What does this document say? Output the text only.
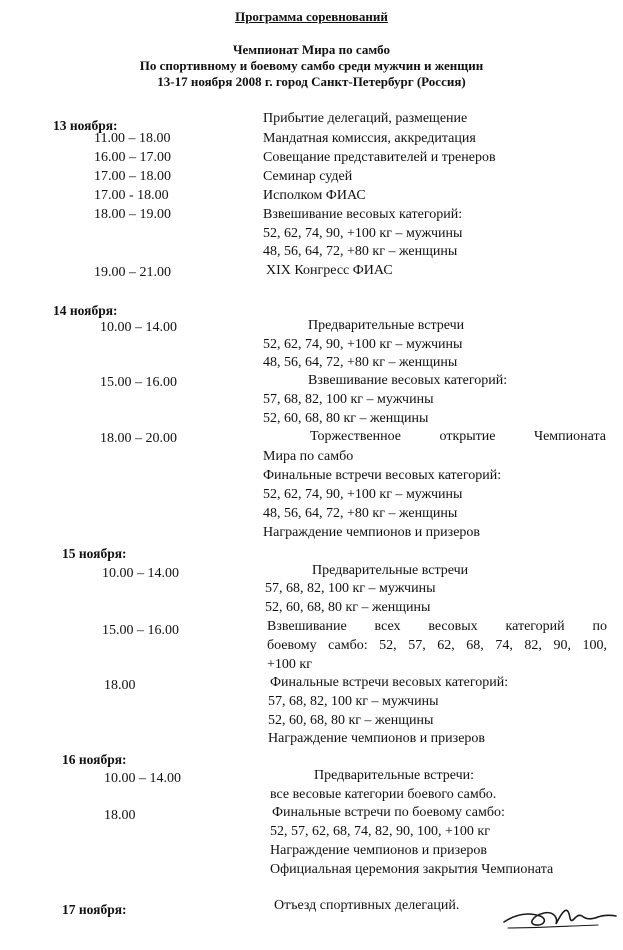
Программа соревнований
Чемпионат Мира по самбо
По спортивному и боевому самбо среди мужчин и женщин
13-17 ноября 2008 г. город Санкт-Петербург (Россия)
13 ноября:	Прибытие делегаций, размещение
11.00 – 18.00	Мандатная комиссия, аккредитация
16.00 – 17.00	Совещание представителей и тренеров
17.00 – 18.00	Семинар судей
17.00 - 18.00	Исполком ФИАС
18.00 – 19.00	Взвешивание весовых категорий:
52, 62, 74, 90, +100 кг – мужчины
48, 56, 64, 72, +80 кг – женщины
19.00 – 21.00	XIX Конгресс ФИАС
14 ноября:
10.00 – 14.00	Предварительные встречи
52, 62, 74, 90, +100 кг – мужчины
48, 56, 64, 72, +80 кг – женщины
15.00 – 16.00	Взвешивание весовых категорий:
57, 68, 82, 100 кг – мужчины
52, 60, 68, 80 кг – женщины
18.00 – 20.00	Торжественное открытие Чемпионата
Мира по самбо
Финальные встречи весовых категорий:
52, 62, 74, 90, +100 кг – мужчины
48, 56, 64, 72, +80 кг – женщины
Награждение чемпионов и призеров
15 ноября:
10.00 – 14.00	Предварительные встречи
57, 68, 82, 100 кг – мужчины
52, 60, 68, 80 кг – женщины
15.00 – 16.00	Взвешивание всех весовых категорий по
боевому самбо: 52, 57, 62, 68, 74, 82, 90, 100,
+100 кг
18.00	Финальные встречи весовых категорий:
57, 68, 82, 100 кг – мужчины
52, 60, 68, 80 кг – женщины
Награждение чемпионов и призеров
16 ноября:
10.00 – 14.00	Предварительные встречи:
все весовые категории боевого самбо.
18.00	Финальные встречи по боевому самбо:
52, 57, 62, 68, 74, 82, 90, 100, +100 кг
Награждение чемпионов и призеров
Официальная церемония закрытия Чемпионата
17 ноября:	Отъезд спортивных делегаций.
